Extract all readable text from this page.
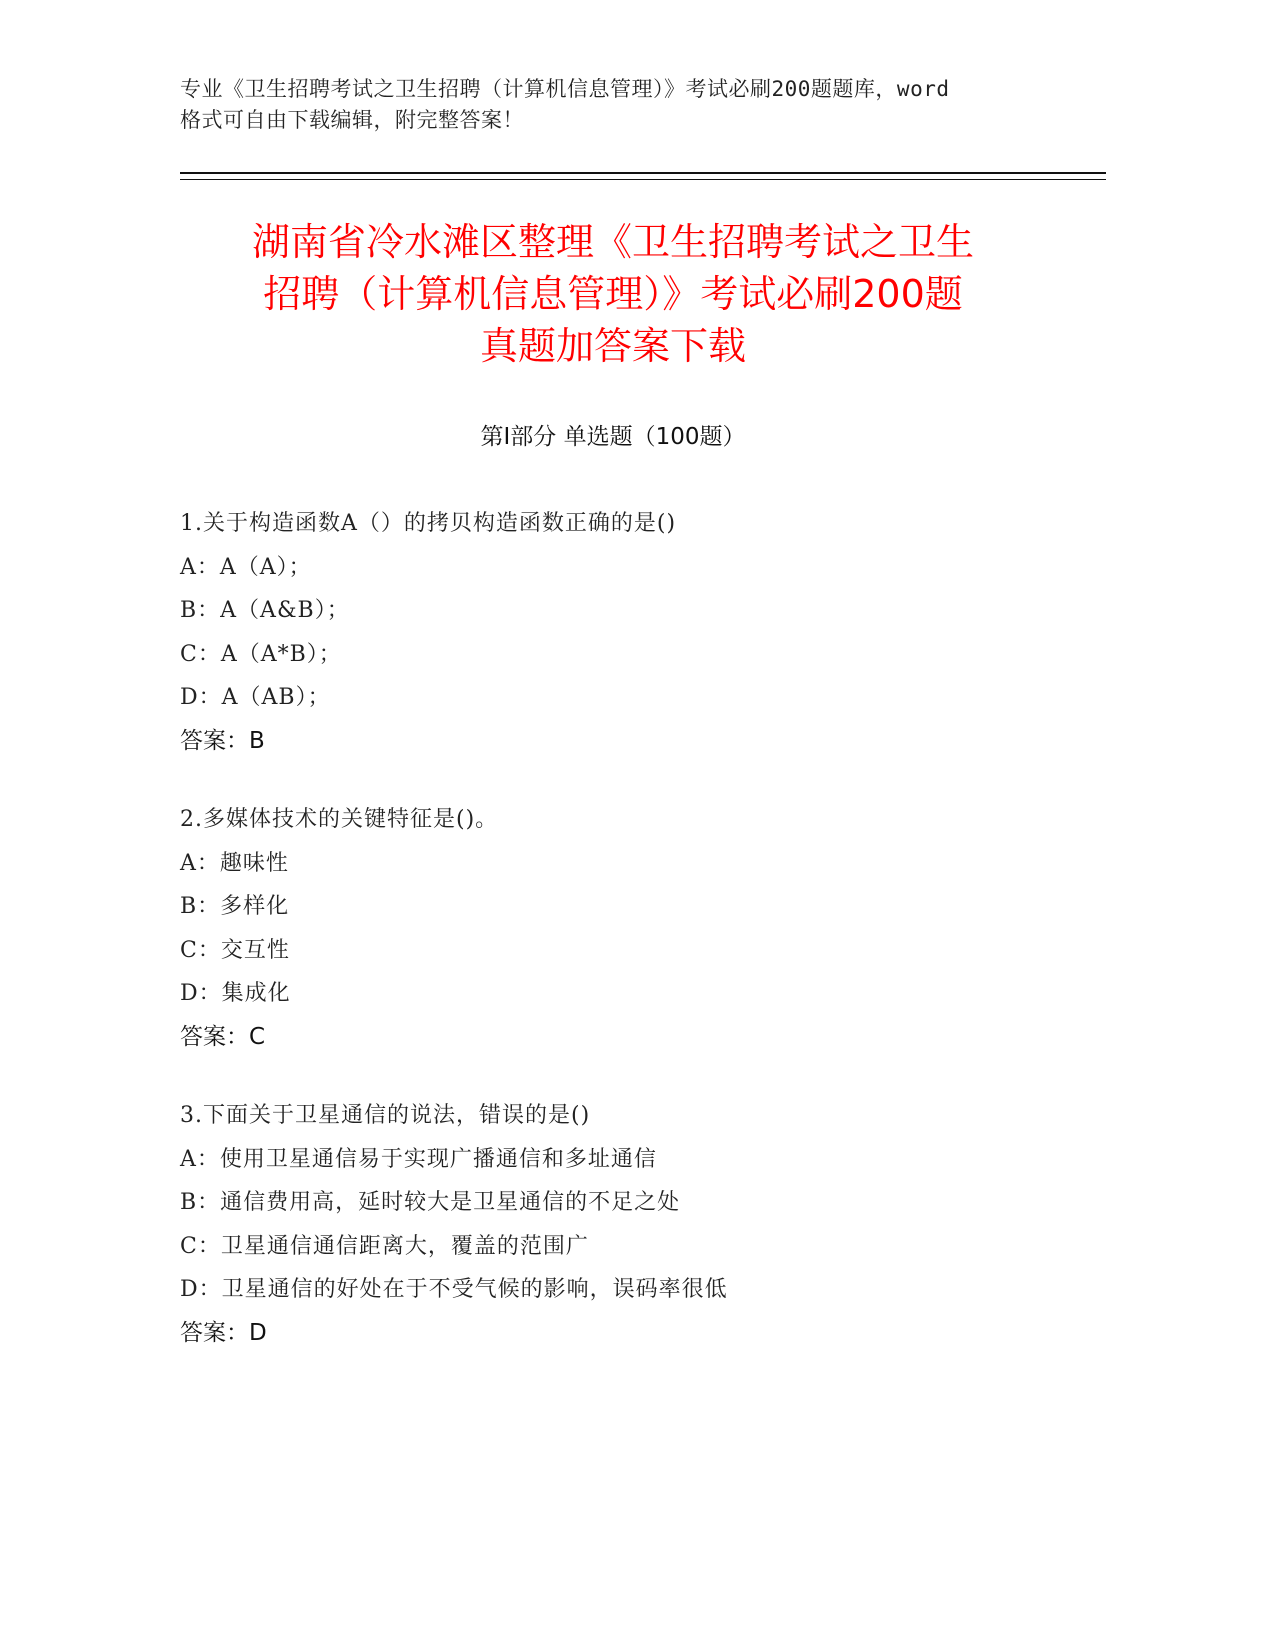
专业《卫生招聘考试之卫生招聘（计算机信息管理）》考试必刷200题题库，word
格式可自由下载编辑，附完整答案！
湖南省冷水滩区整理《卫生招聘考试之卫生
招聘（计算机信息管理）》考试必刷200题
真题加答案下载
第Ⅰ部分 单选题（100题）
1.关于构造函数A（）的拷贝构造函数正确的是()
A：A（A）；
B：A（A&B）；
C：A（A*B）；
D：A（AB）；
答案：B
2.多媒体技术的关键特征是()。
A：趣味性
B：多样化
C：交互性
D：集成化
答案：C
3.下面关于卫星通信的说法，错误的是()
A：使用卫星通信易于实现广播通信和多址通信
B：通信费用高，延时较大是卫星通信的不足之处
C：卫星通信通信距离大，覆盖的范围广
D：卫星通信的好处在于不受气候的影响，误码率很低
答案：D
